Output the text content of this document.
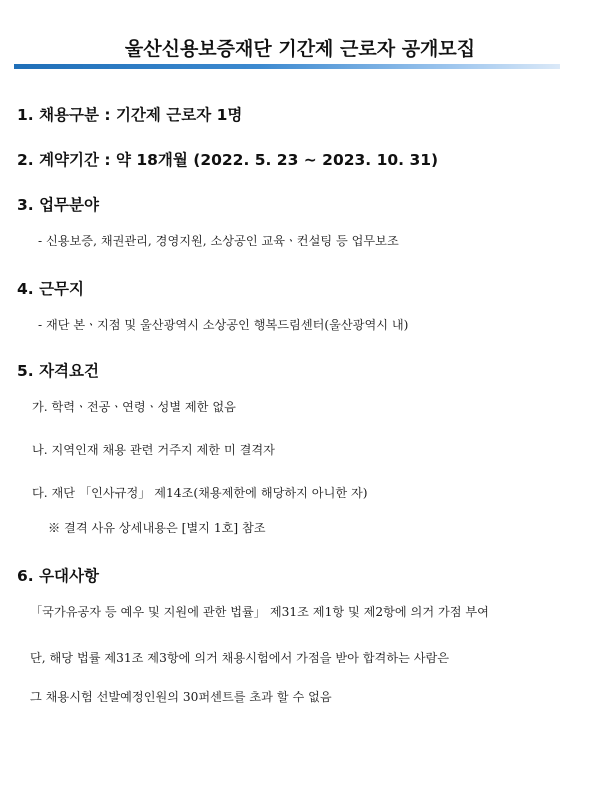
울산신용보증재단 기간제 근로자 공개모집
1. 채용구분 : 기간제 근로자 1명
2. 계약기간 : 약 18개월 (2022. 5. 23 ~ 2023. 10. 31)
3. 업무분야
- 신용보증, 채권관리, 경영지원, 소상공인 교육ㆍ컨설팅 등 업무보조
4. 근무지
- 재단 본ㆍ지점 및 울산광역시 소상공인 행복드림센터(울산광역시 내)
5. 자격요건
가. 학력ㆍ전공ㆍ연령ㆍ성별 제한 없음
나. 지역인재 채용 관련 거주지 제한 미 결격자
다. 재단 「인사규정」 제14조(채용제한에 해당하지 아니한 자)
※ 결격 사유 상세내용은 [별지 1호] 참조
6. 우대사항
「국가유공자 등 예우 및 지원에 관한 법률」 제31조 제1항 및 제2항에 의거 가점 부여
단, 해당 법률 제31조 제3항에 의거 채용시험에서 가점을 받아 합격하는 사람은
그 채용시험 선발예정인원의 30퍼센트를 초과 할 수 없음
